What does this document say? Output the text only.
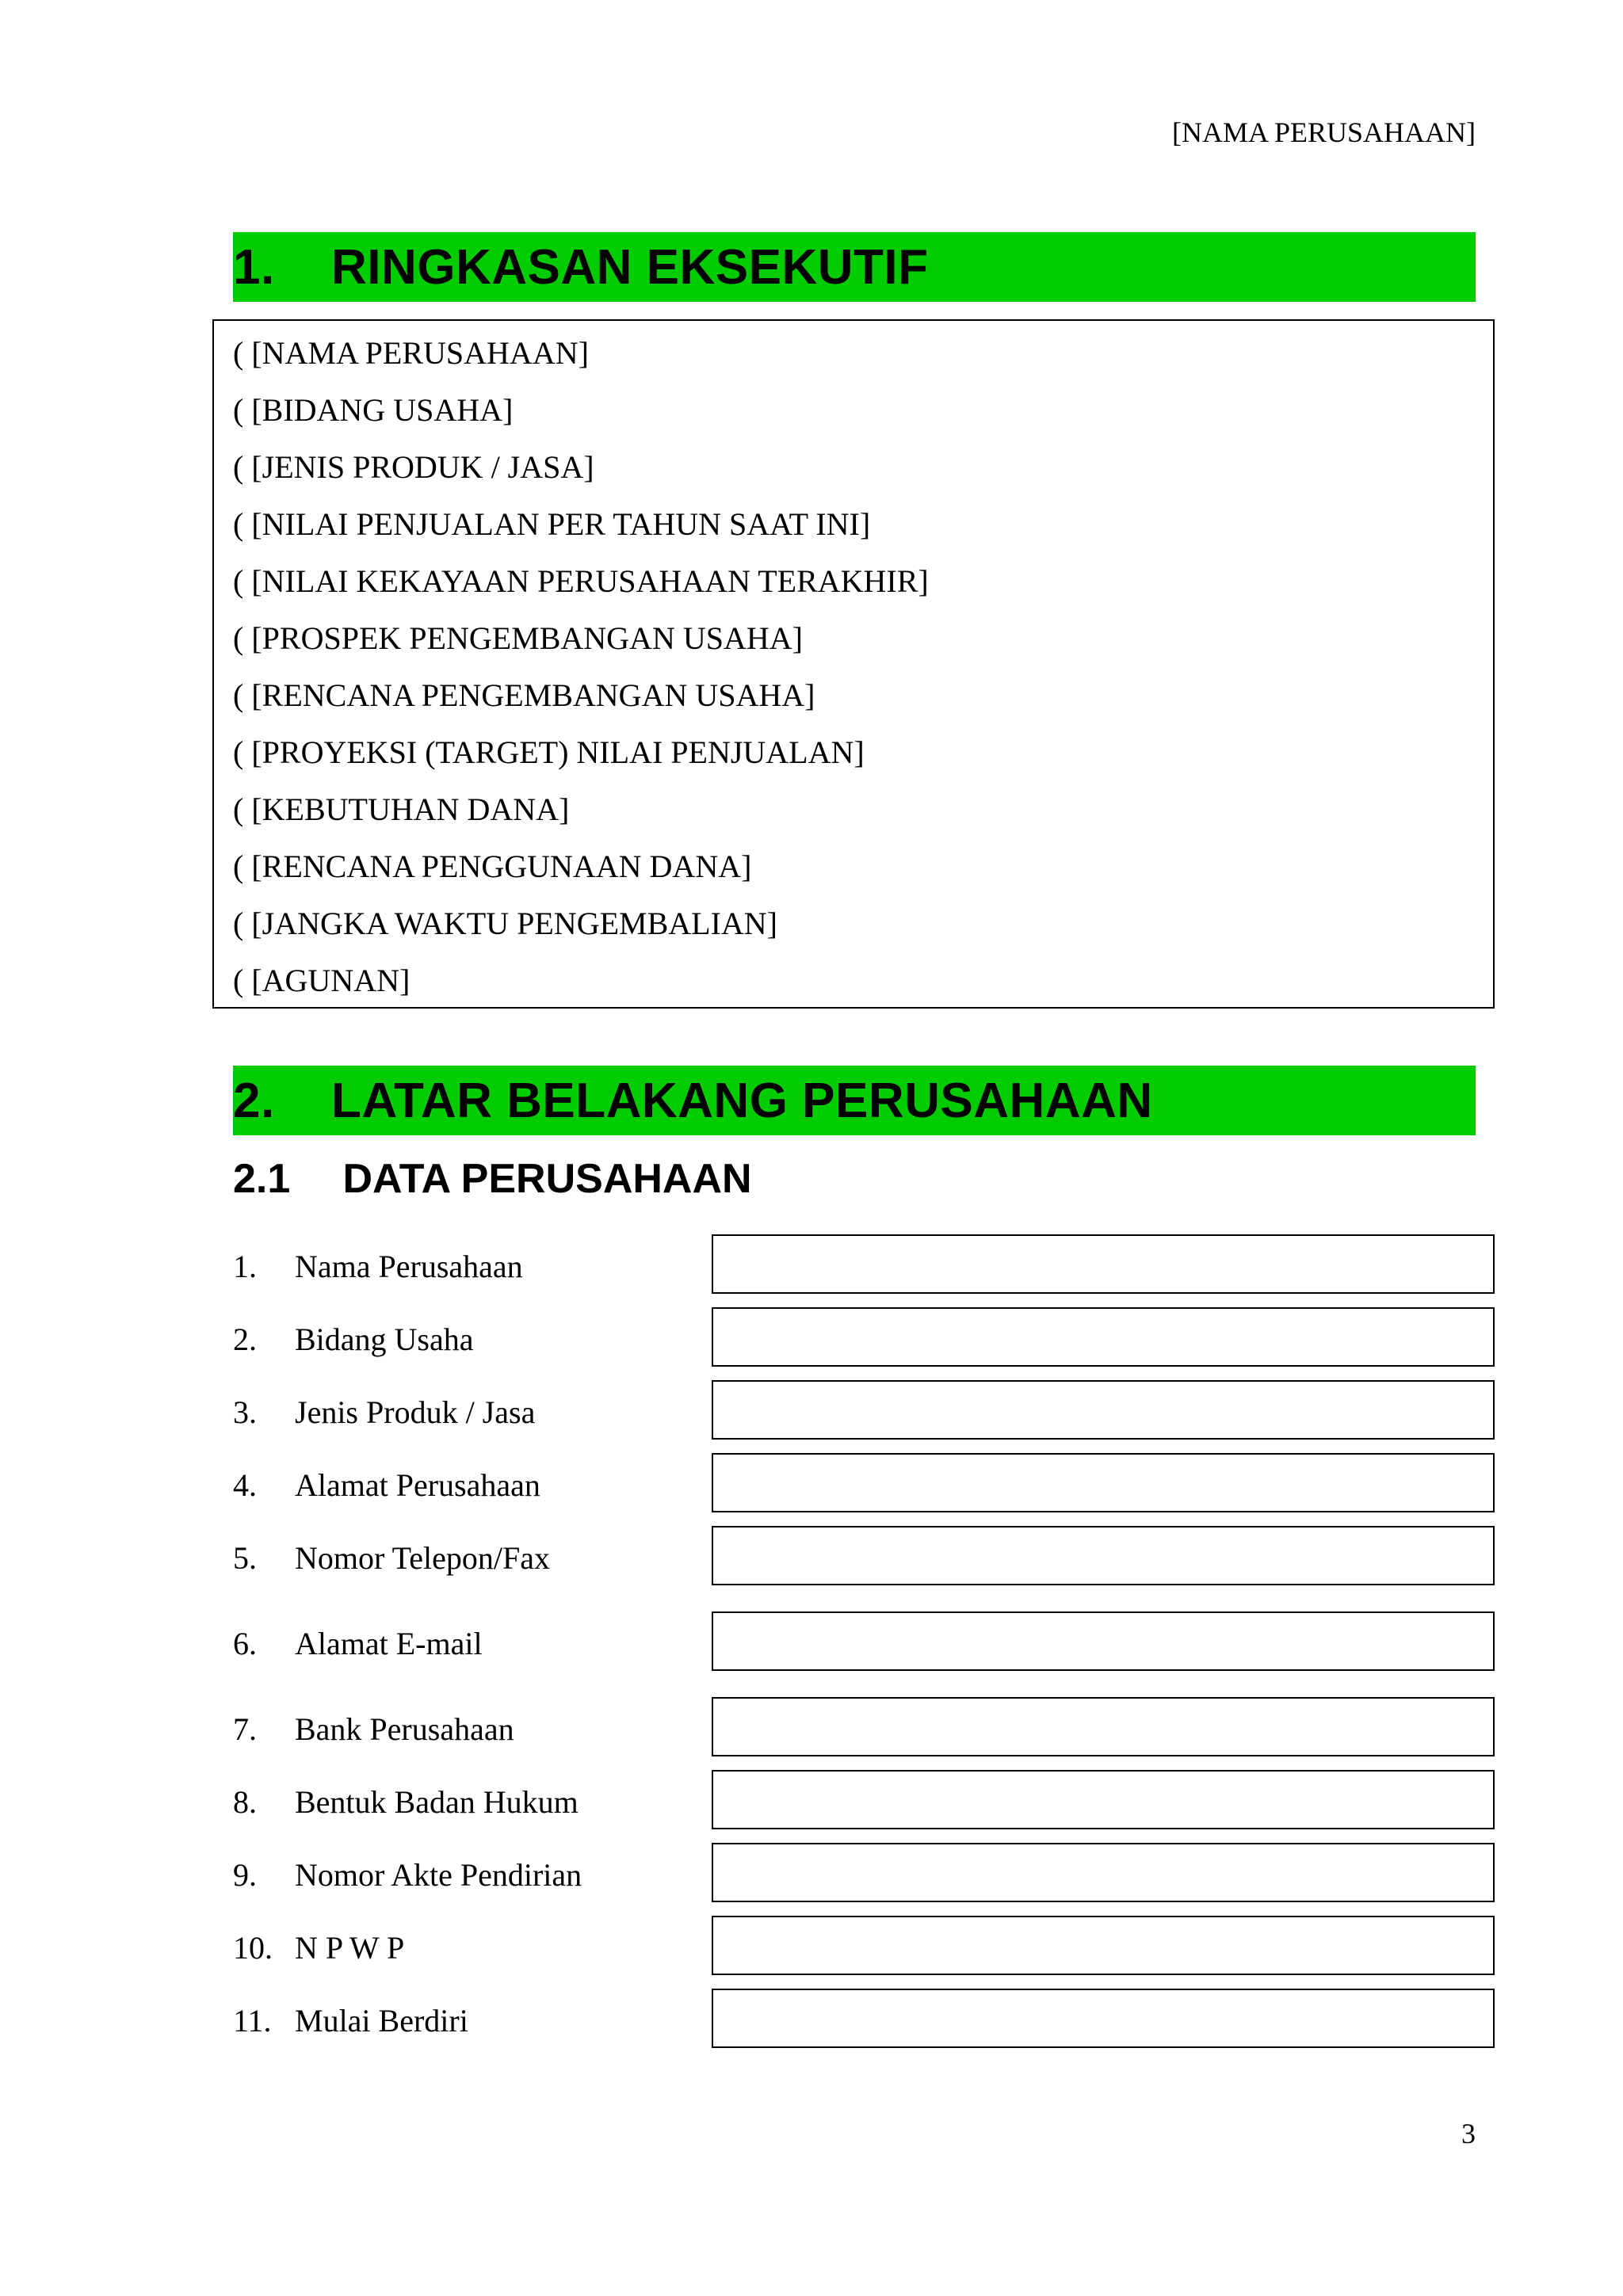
[NAMA PERUSAHAAN]
1.	RINGKASAN EKSEKUTIF
( [NAMA PERUSAHAAN]
( [BIDANG USAHA]
( [JENIS PRODUK / JASA]
( [NILAI PENJUALAN PER TAHUN SAAT INI]
( [NILAI KEKAYAAN PERUSAHAAN TERAKHIR]
( [PROSPEK PENGEMBANGAN USAHA]
( [RENCANA PENGEMBANGAN USAHA]
( [PROYEKSI (TARGET) NILAI PENJUALAN]
( [KEBUTUHAN DANA]
( [RENCANA PENGGUNAAN DANA]
( [JANGKA WAKTU PENGEMBALIAN]
( [AGUNAN]
2.	LATAR BELAKANG PERUSAHAAN
2.1 DATA PERUSAHAAN
1. Nama Perusahaan
2. Bidang Usaha
3. Jenis Produk / Jasa
4. Alamat Perusahaan
5. Nomor Telepon/Fax
6. Alamat E-mail
7. Bank Perusahaan
8. Bentuk Badan Hukum
9. Nomor Akte Pendirian
10. N P W P
11. Mulai Berdiri
3
